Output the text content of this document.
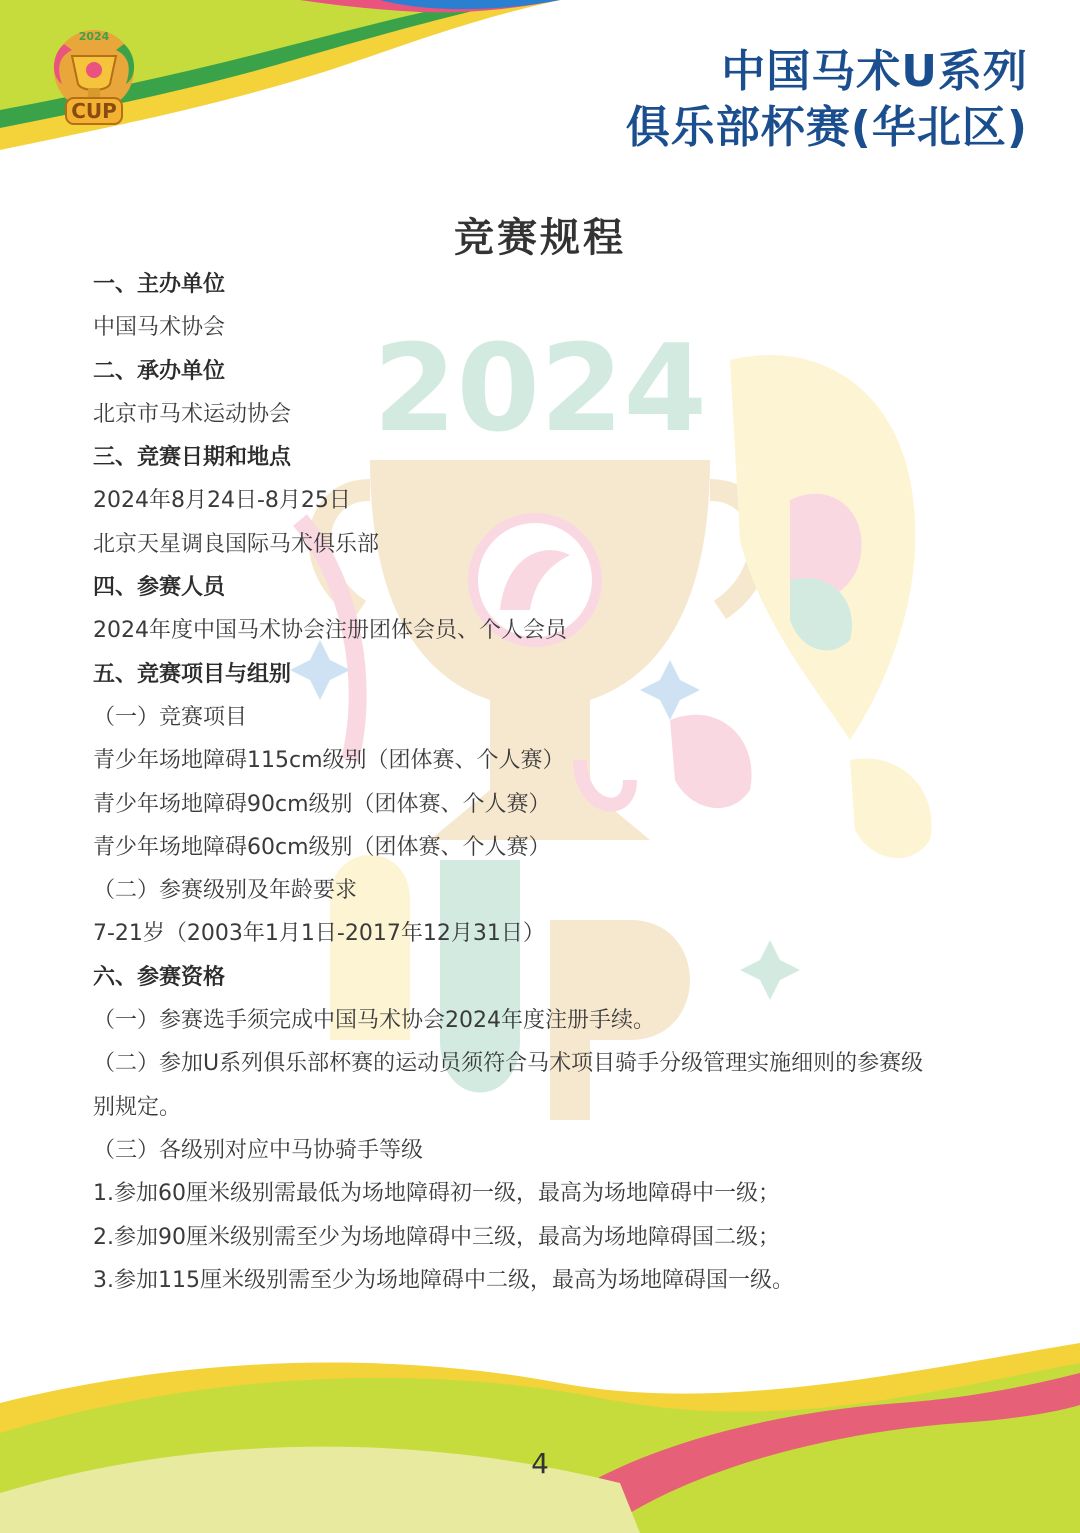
CUP
2024
中国马术U系列
俱乐部杯赛(华北区)
2024
竞赛规程
一、主办单位
中国马术协会
二、承办单位
北京市马术运动协会
三、竞赛日期和地点
2024年8月24日-8月25日
北京天星调良国际马术俱乐部
四、参赛人员
2024年度中国马术协会注册团体会员、个人会员
五、竞赛项目与组别
（一）竞赛项目
青少年场地障碍115cm级别（团体赛、个人赛）
青少年场地障碍90cm级别（团体赛、个人赛）
青少年场地障碍60cm级别（团体赛、个人赛）
（二）参赛级别及年龄要求
7-21岁（2003年1月1日-2017年12月31日）
六、参赛资格
（一）参赛选手须完成中国马术协会2024年度注册手续。
（二）参加U系列俱乐部杯赛的运动员须符合马术项目骑手分级管理实施细则的参赛级
别规定。
（三）各级别对应中马协骑手等级
1.参加60厘米级别需最低为场地障碍初一级，最高为场地障碍中一级；
2.参加90厘米级别需至少为场地障碍中三级，最高为场地障碍国二级；
3.参加115厘米级别需至少为场地障碍中二级，最高为场地障碍国一级。
4
